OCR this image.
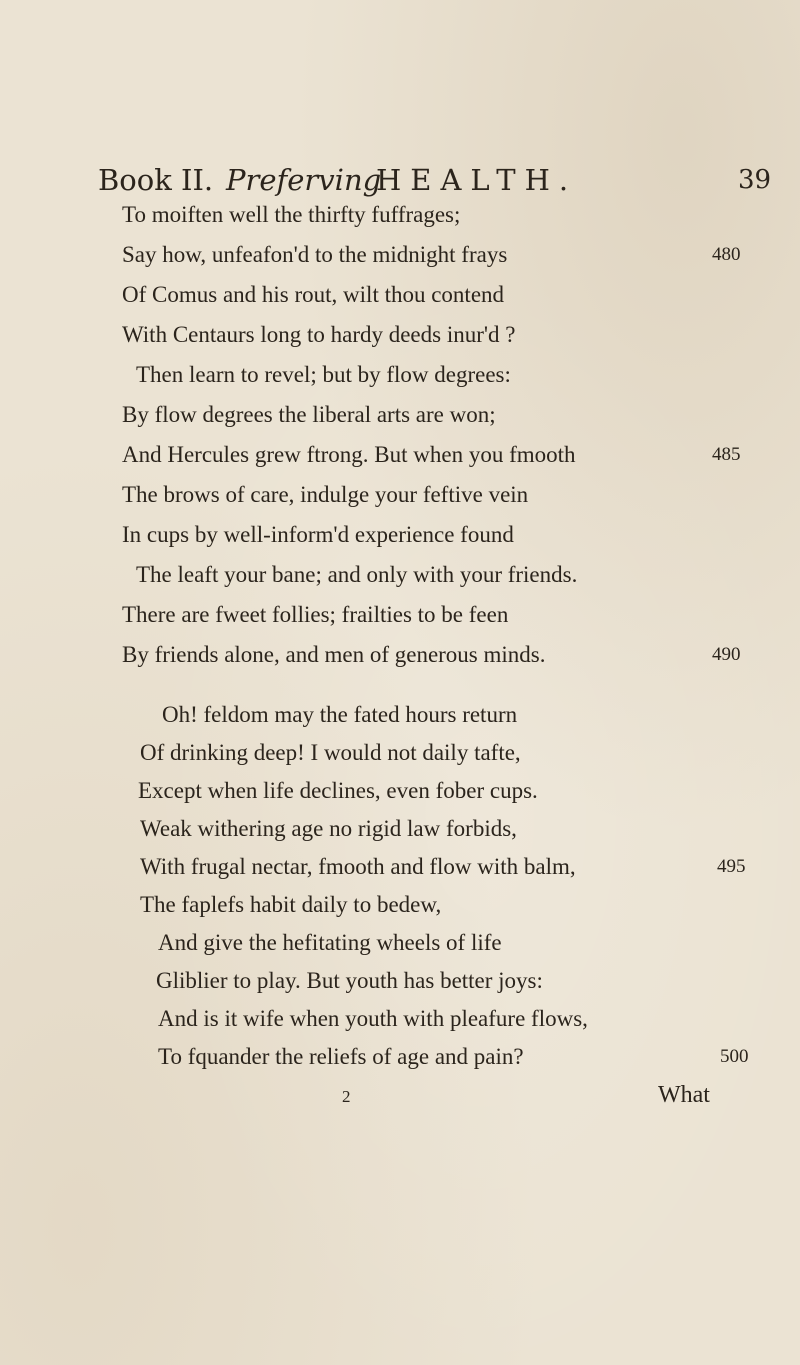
Book II. Preferving
HEALTH.	39
To moiften well the thirfty fuffrages;
Say how, unfeafon'd to the midnight frays	480
Of Comus and his rout, wilt thou contend
With Centaurs long to hardy deeds inur'd ?
Then learn to revel; but by flow degrees:
By flow degrees the liberal arts are won;
And Hercules grew ftrong. But when you fmooth	485
The brows of care, indulge your feftive vein
In cups by well-inform'd experience found
The leaft your bane; and only with your friends.
There are fweet follies; frailties to be feen
By friends alone, and men of generous minds.	490
Oh! feldom may the fated hours return
Of drinking deep! I would not daily tafte,
Except when life declines, even fober cups.
Weak withering age no rigid law forbids,
With frugal nectar, fmooth and flow with balm,	495
The faplefs habit daily to bedew,
And give the hefitating wheels of life
Gliblier to play. But youth has better joys:
And is it wife when youth with pleafure flows,
To fquander the reliefs of age and pain?	500
2	What
